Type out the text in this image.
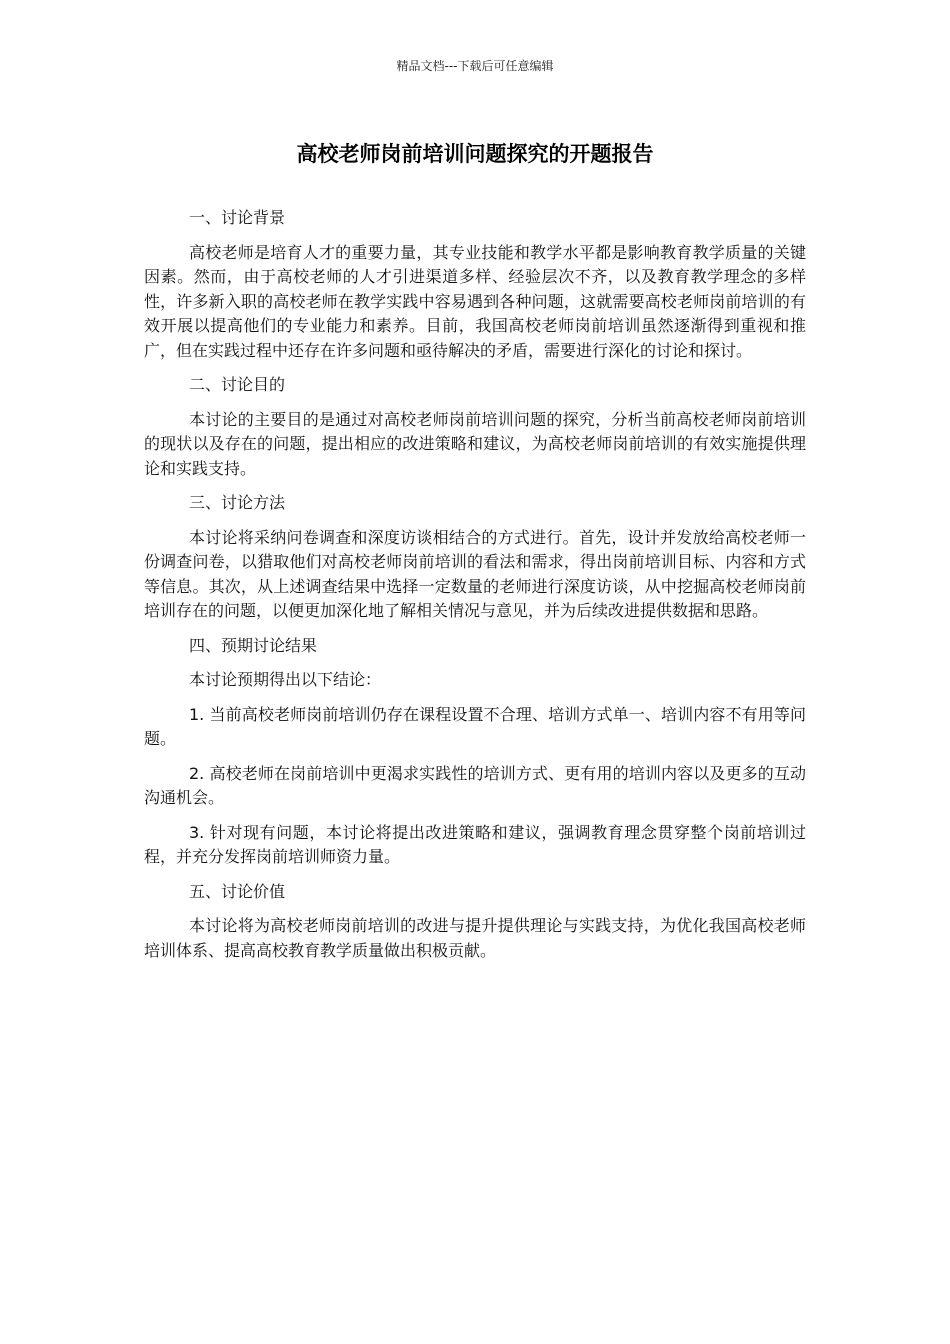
精品文档---下载后可任意编辑
高校老师岗前培训问题探究的开题报告

一、讨论背景

高校老师是培育人才的重要力量，其专业技能和教学水平都是影响教育教学质量的关键因素。然而，由于高校老师的人才引进渠道多样、经验层次不齐，以及教育教学理念的多样性，许多新入职的高校老师在教学实践中容易遇到各种问题，这就需要高校老师岗前培训的有效开展以提高他们的专业能力和素养。目前，我国高校老师岗前培训虽然逐渐得到重视和推广，但在实践过程中还存在许多问题和亟待解决的矛盾，需要进行深化的讨论和探讨。

二、讨论目的

本讨论的主要目的是通过对高校老师岗前培训问题的探究，分析当前高校老师岗前培训的现状以及存在的问题，提出相应的改进策略和建议，为高校老师岗前培训的有效实施提供理论和实践支持。

三、讨论方法

本讨论将采纳问卷调查和深度访谈相结合的方式进行。首先，设计并发放给高校老师一份调查问卷，以猎取他们对高校老师岗前培训的看法和需求，得出岗前培训目标、内容和方式等信息。其次，从上述调查结果中选择一定数量的老师进行深度访谈，从中挖掘高校老师岗前培训存在的问题，以便更加深化地了解相关情况与意见，并为后续改进提供数据和思路。

四、预期讨论结果

本讨论预期得出以下结论：

1. 当前高校老师岗前培训仍存在课程设置不合理、培训方式单一、培训内容不有用等问题。

2. 高校老师在岗前培训中更渴求实践性的培训方式、更有用的培训内容以及更多的互动沟通机会。

3. 针对现有问题，本讨论将提出改进策略和建议，强调教育理念贯穿整个岗前培训过程，并充分发挥岗前培训师资力量。

五、讨论价值

本讨论将为高校老师岗前培训的改进与提升提供理论与实践支持，为优化我国高校老师培训体系、提高高校教育教学质量做出积极贡献。
